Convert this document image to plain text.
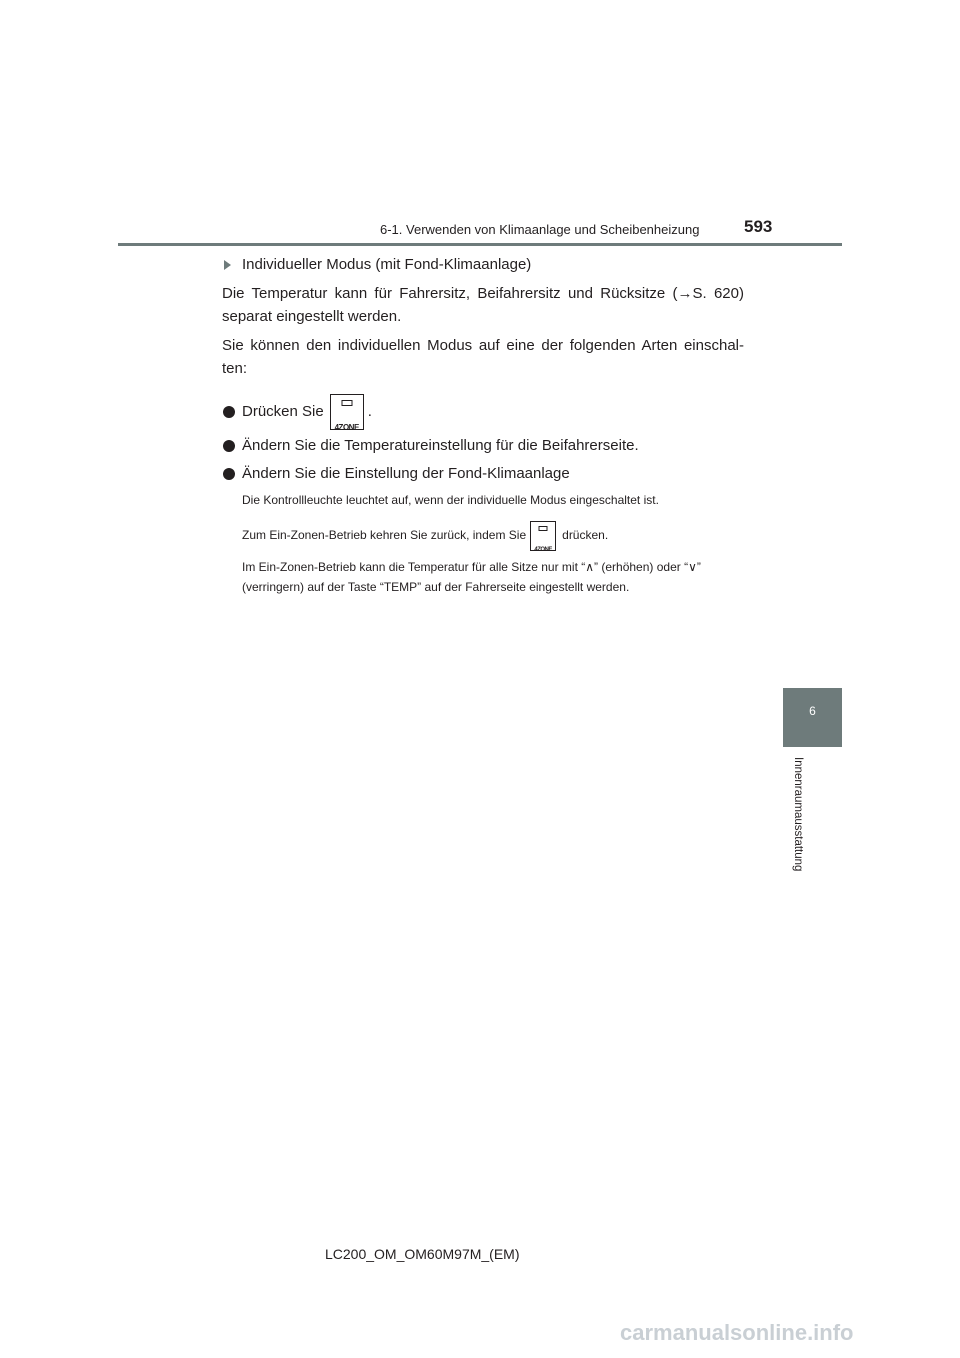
6-1. Verwenden von Klimaanlage und Scheibenheizung	593
6
Innenraumausstattung

Individueller Modus (mit Fond-Klimaanlage)

Die Temperatur kann für Fahrersitz, Beifahrersitz und Rücksitze (→S. 620) separat eingestellt werden.

Sie können den individuellen Modus auf eine der folgenden Arten einschal-ten:

Drücken Sie
4ZONE
.

Ändern Sie die Temperatureinstellung für die Beifahrerseite.

Ändern Sie die Einstellung der Fond-Klimaanlage

Die Kontrollleuchte leuchtet auf, wenn der individuelle Modus eingeschaltet ist.

Zum Ein-Zonen-Betrieb kehren Sie zurück, indem Sie
4ZONE
drücken.

Im Ein-Zonen-Betrieb kann die Temperatur für alle Sitze nur mit “∧” (erhöhen) oder “∨” (verringern) auf der Taste “TEMP” auf der Fahrerseite eingestellt werden.

LC200_OM_OM60M97M_(EM)
carmanualsonline.info
